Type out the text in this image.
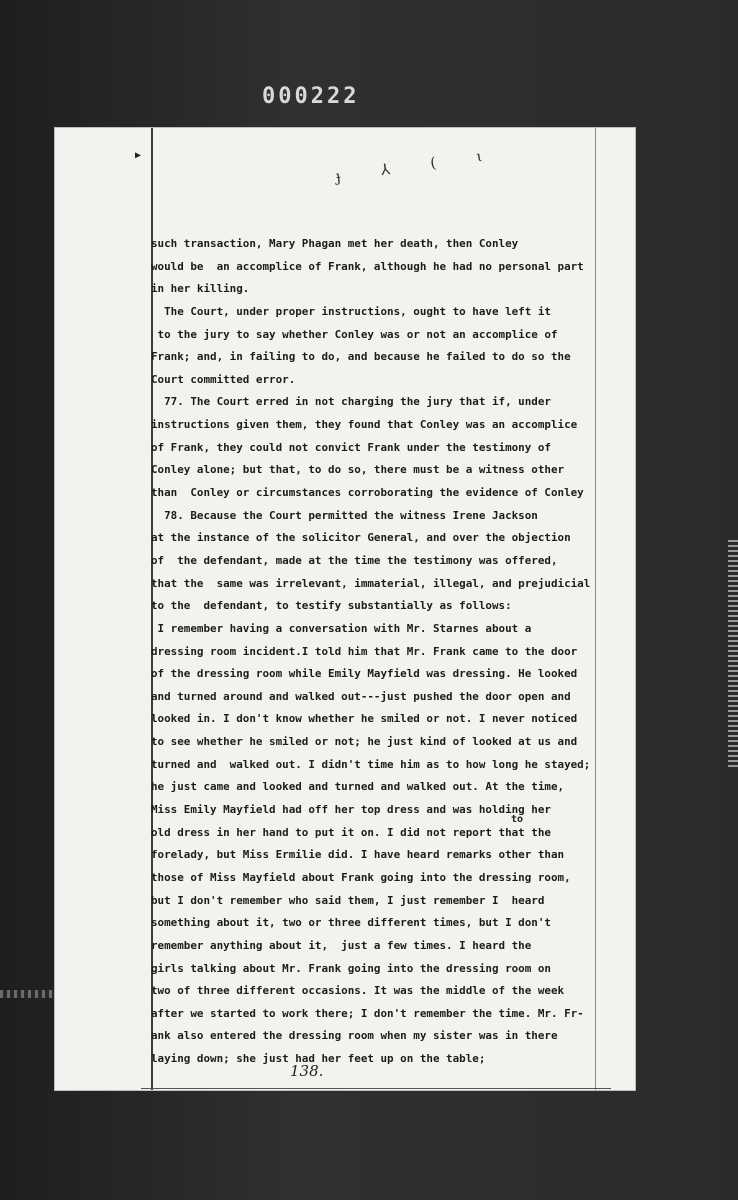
000222
▶	ɟ ⅄ ( ɩ
such transaction, Mary Phagan met her death, then Conley
would be  an accomplice of Frank, although he had no personal part
in her killing.
The Court, under proper instructions, ought to have left it
to the jury to say whether Conley was or not an accomplice of
Frank; and, in failing to do, and because he failed to do so the
Court committed error.
77. The Court erred in not charging the jury that if, under
instructions given them, they found that Conley was an accomplice
of Frank, they could not convict Frank under the testimony of
Conley alone; but that, to do so, there must be a witness other
than  Conley or circumstances corroborating the evidence of Conley
78. Because the Court permitted the witness Irene Jackson
at the instance of the solicitor General, and over the objection
of  the defendant, made at the time the testimony was offered,
that the  same was irrelevant, immaterial, illegal, and prejudicial
to the  defendant, to testify substantially as follows:
I remember having a conversation with Mr. Starnes about a
dressing room incident.I told him that Mr. Frank came to the door
of the dressing room while Emily Mayfield was dressing. He looked
and turned around and walked out---just pushed the door open and
looked in. I don't know whether he smiled or not. I never noticed
to see whether he smiled or not; he just kind of looked at us and
turned and  walked out. I didn't time him as to how long he stayed;
he just came and looked and turned and walked out. At the time,
Miss Emily Mayfield had off her top dress and was holding her
old dress in her hand to put it on. I did not report that the
forelady, but Miss Ermilie did. I have heard remarks other than
those of Miss Mayfield about Frank going into the dressing room,
but I don't remember who said them, I just remember I  heard
something about it, two or three different times, but I don't
remember anything about it,  just a few times. I heard the
girls talking about Mr. Frank going into the dressing room on
two of three different occasions. It was the middle of the week
after we started to work there; I don't remember the time. Mr. Fr-
ank also entered the dressing room when my sister was in there
laying down; she just had her feet up on the table;
to
138.
